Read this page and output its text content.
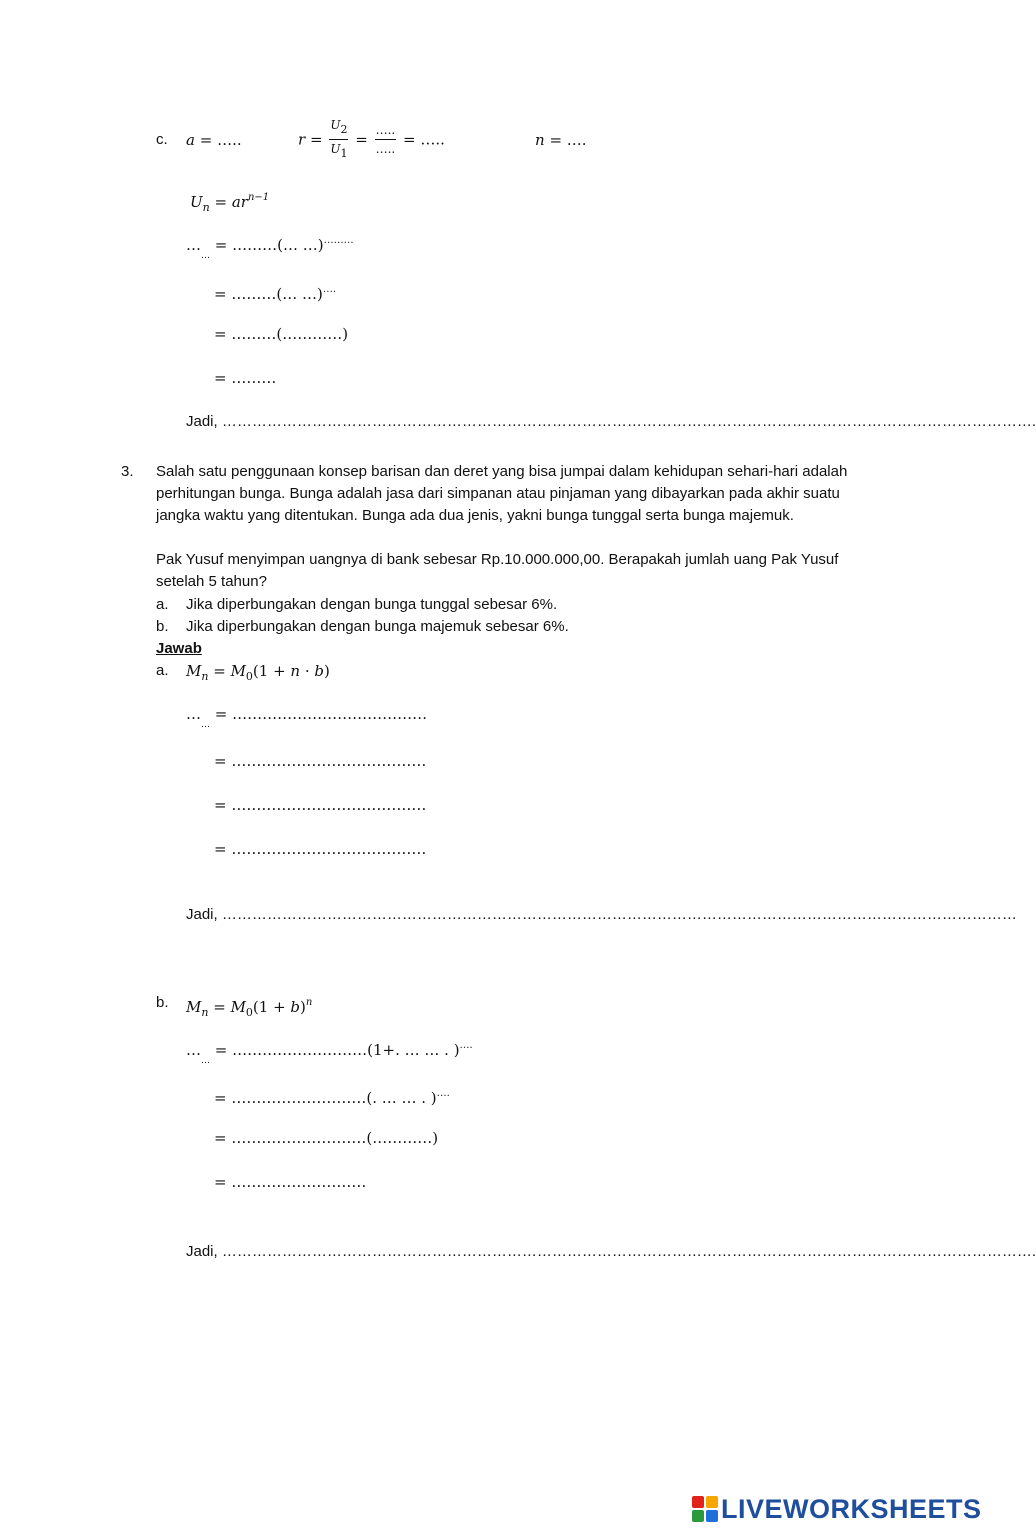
c. a = …..	$r = \frac{U2}{U1} = \frac{\dots..}{\dots..}$ = …..	n = ….
$U_n = ar^{n-1}$
$\dots_\dots$ = ………(… …)………
= ………(… …)….
= ………(…………)
= ………
Jadi, ……………………………………………………………………………………………………………………………………………….
3. Salah satu penggunaan konsep barisan dan deret yang bisa jumpai dalam kehidupan sehari-hari adalah perhitungan bunga. Bunga adalah jasa dari simpanan atau pinjaman yang dibayarkan pada akhir suatu jangka waktu yang ditentukan. Bunga ada dua jenis, yakni bunga tunggal serta bunga majemuk.
Pak Yusuf menyimpan uangnya di bank sebesar Rp.10.000.000,00. Berapakah jumlah uang Pak Yusuf setelah 5 tahun?
a. Jika diperbungakan dengan bunga tunggal sebesar 6%.
b. Jika diperbungakan dengan bunga majemuk sebesar 6%.
Jawab
a. $M_n = M_0(1 + n \cdot b)$
$\dots_\dots$ = …………………………………
= …………………………………
= …………………………………
= …………………………………
Jadi, ……………………………………………………………………………………………………………………………………………
b. $M_n = M_0(1 + b)^n$
$\dots_\dots$ = ………………………(1+. … … . )….
= ………………………(. … … . )….
= ………………………(…………)
= ………………………
Jadi, ……………………………………………………………………………………………………………………………………………….
LIVEWORKSHEETS
